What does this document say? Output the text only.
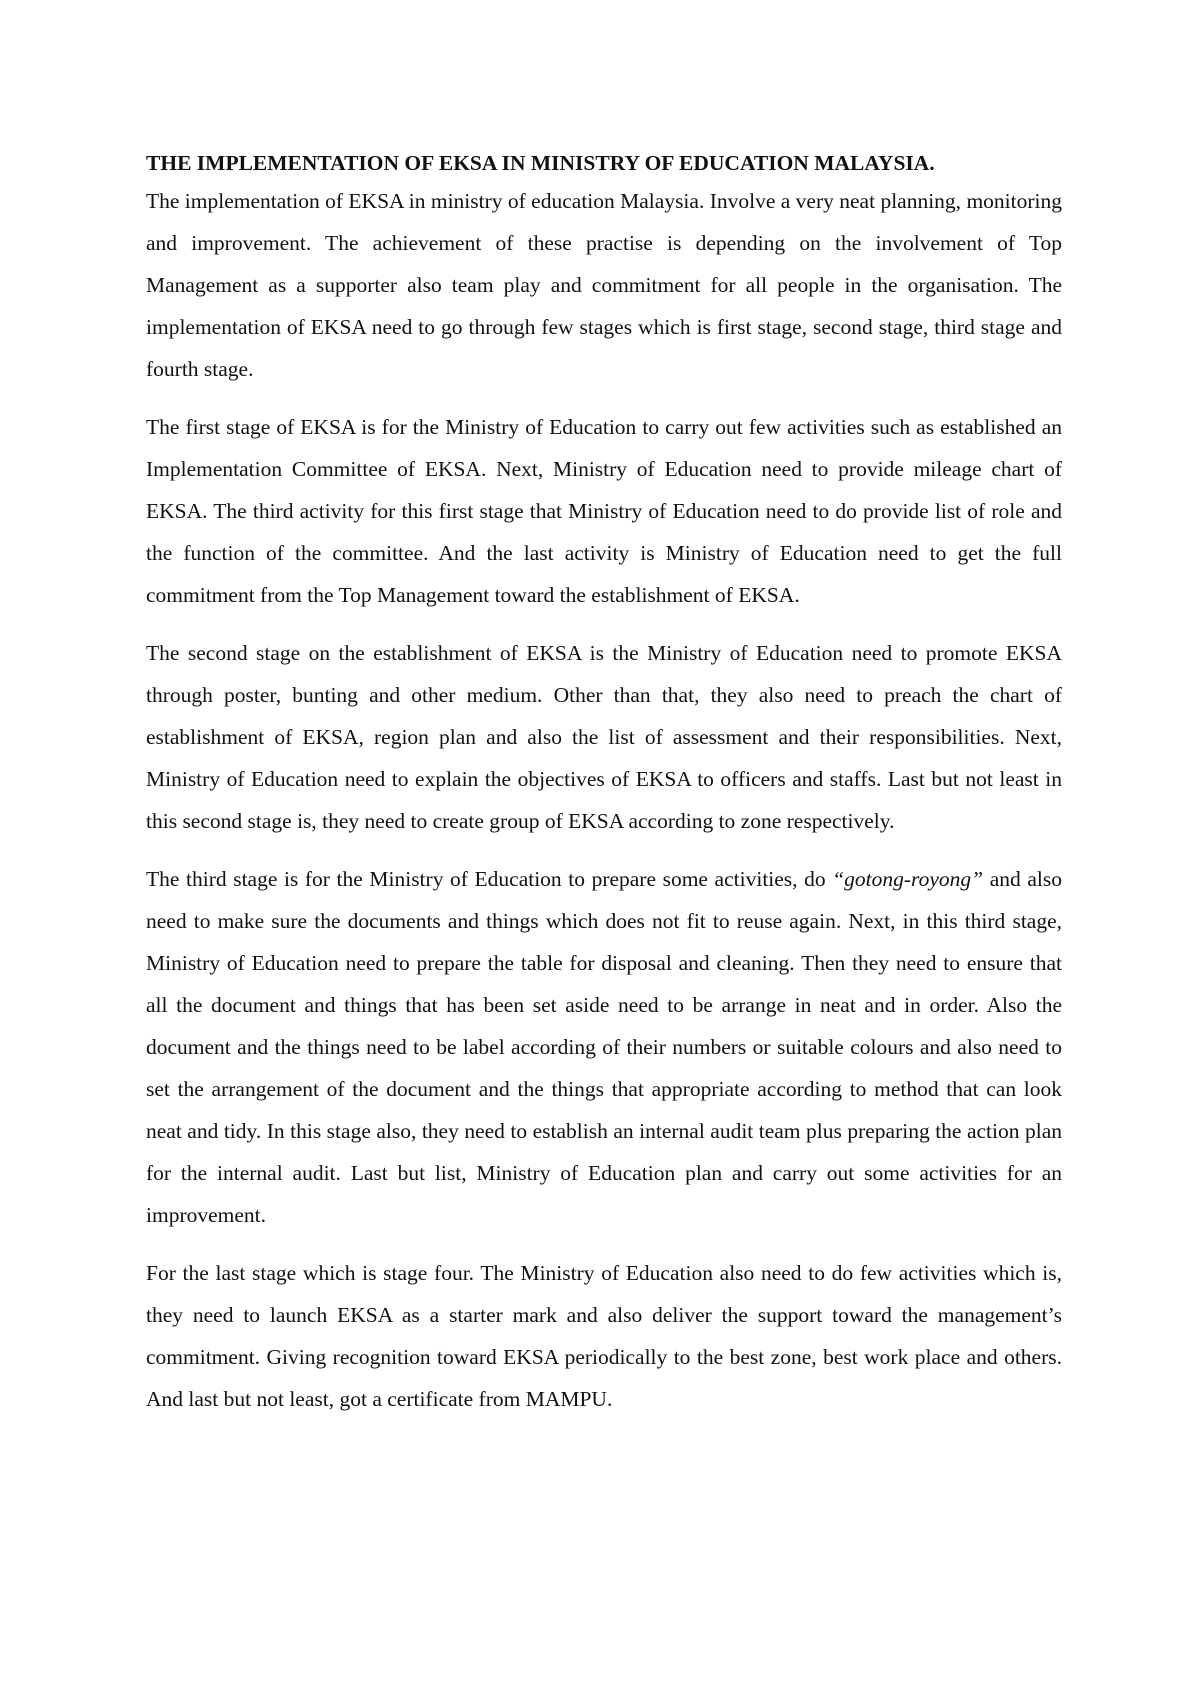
THE IMPLEMENTATION OF EKSA IN MINISTRY OF EDUCATION MALAYSIA.

The implementation of EKSA in ministry of education Malaysia. Involve a very neat planning, monitoring and improvement. The achievement of these practise is depending on the involvement of Top Management as a supporter also team play and commitment for all people in the organisation. The implementation of EKSA need to go through few stages which is first stage, second stage, third stage and fourth stage.

The first stage of EKSA is for the Ministry of Education to carry out few activities such as established an Implementation Committee of EKSA. Next, Ministry of Education need to provide mileage chart of EKSA. The third activity for this first stage that Ministry of Education need to do provide list of role and the function of the committee. And the last activity is Ministry of Education need to get the full commitment from the Top Management toward the establishment of EKSA.

The second stage on the establishment of EKSA is the Ministry of Education need to promote EKSA through poster, bunting and other medium. Other than that, they also need to preach the chart of establishment of EKSA, region plan and also the list of assessment and their responsibilities. Next, Ministry of Education need to explain the objectives of EKSA to officers and staffs. Last but not least in this second stage is, they need to create group of EKSA according to zone respectively.

The third stage is for the Ministry of Education to prepare some activities, do “gotong-royong” and also need to make sure the documents and things which does not fit to reuse again. Next, in this third stage, Ministry of Education need to prepare the table for disposal and cleaning. Then they need to ensure that all the document and things that has been set aside need to be arrange in neat and in order. Also the document and the things need to be label according of their numbers or suitable colours and also need to set the arrangement of the document and the things that appropriate according to method that can look neat and tidy. In this stage also, they need to establish an internal audit team plus preparing the action plan for the internal audit. Last but list, Ministry of Education plan and carry out some activities for an improvement.

For the last stage which is stage four. The Ministry of Education also need to do few activities which is, they need to launch EKSA as a starter mark and also deliver the support toward the management’s commitment. Giving recognition toward EKSA periodically to the best zone, best work place and others. And last but not least, got a certificate from MAMPU.
